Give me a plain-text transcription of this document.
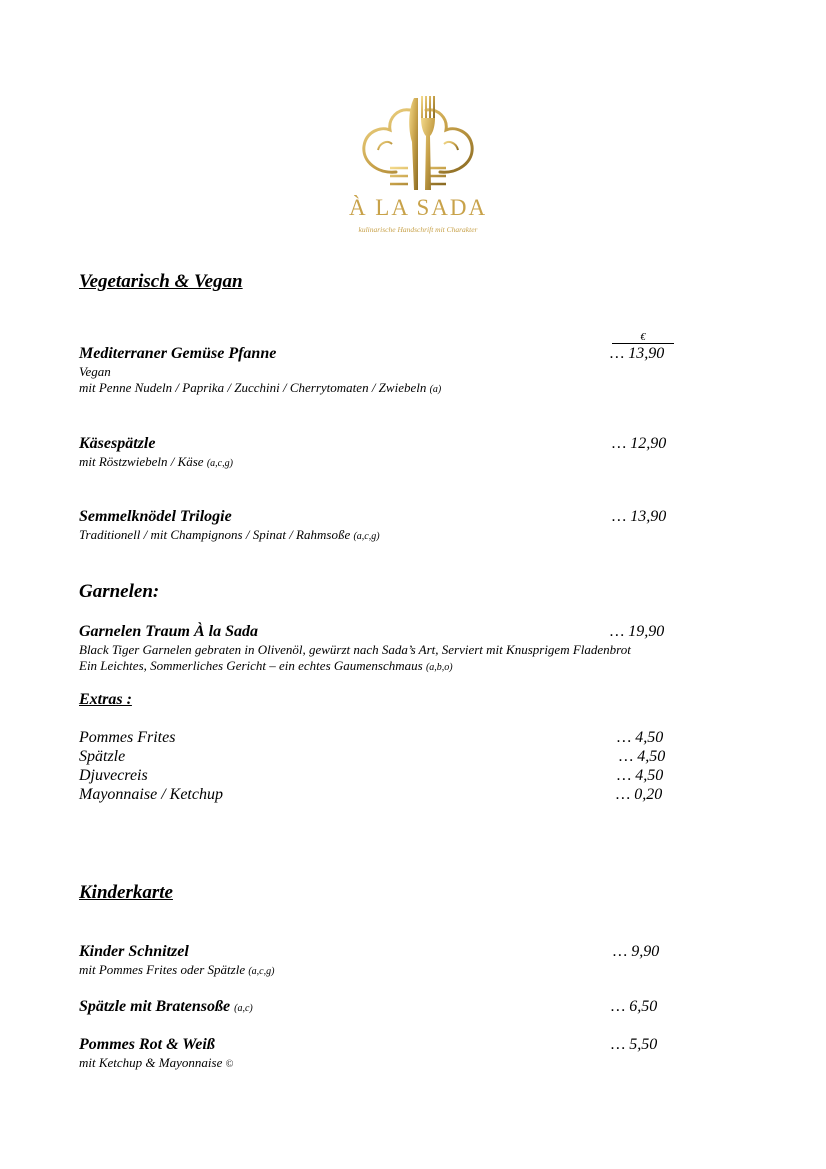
À LA SADA
kulinarische Handschrift mit Charakter
Vegetarisch & Vegan
€
Mediterraner Gemüse Pfanne	… 13,90
Vegan
mit Penne Nudeln / Paprika / Zucchini / Cherrytomaten / Zwiebeln (a)
Käsespätzle	… 12,90
mit Röstzwiebeln / Käse (a,c,g)
Semmelknödel Trilogie	… 13,90
Traditionell / mit Champignons / Spinat / Rahmsoße (a,c,g)
Garnelen:
Garnelen Traum À la Sada	… 19,90
Black Tiger Garnelen gebraten in Olivenöl, gewürzt nach Sada’s Art, Serviert mit Knusprigem Fladenbrot
Ein Leichtes, Sommerliches Gericht – ein echtes Gaumenschmaus (a,b,o)
Extras :
Pommes Frites	… 4,50
Spätzle	… 4,50
Djuvecreis	… 4,50
Mayonnaise / Ketchup	… 0,20
Kinderkarte
Kinder Schnitzel	… 9,90
mit Pommes Frites oder Spätzle (a,c,g)
Spätzle mit Bratensoße (a,c)	… 6,50
Pommes Rot & Weiß	… 5,50
mit Ketchup & Mayonnaise ©
